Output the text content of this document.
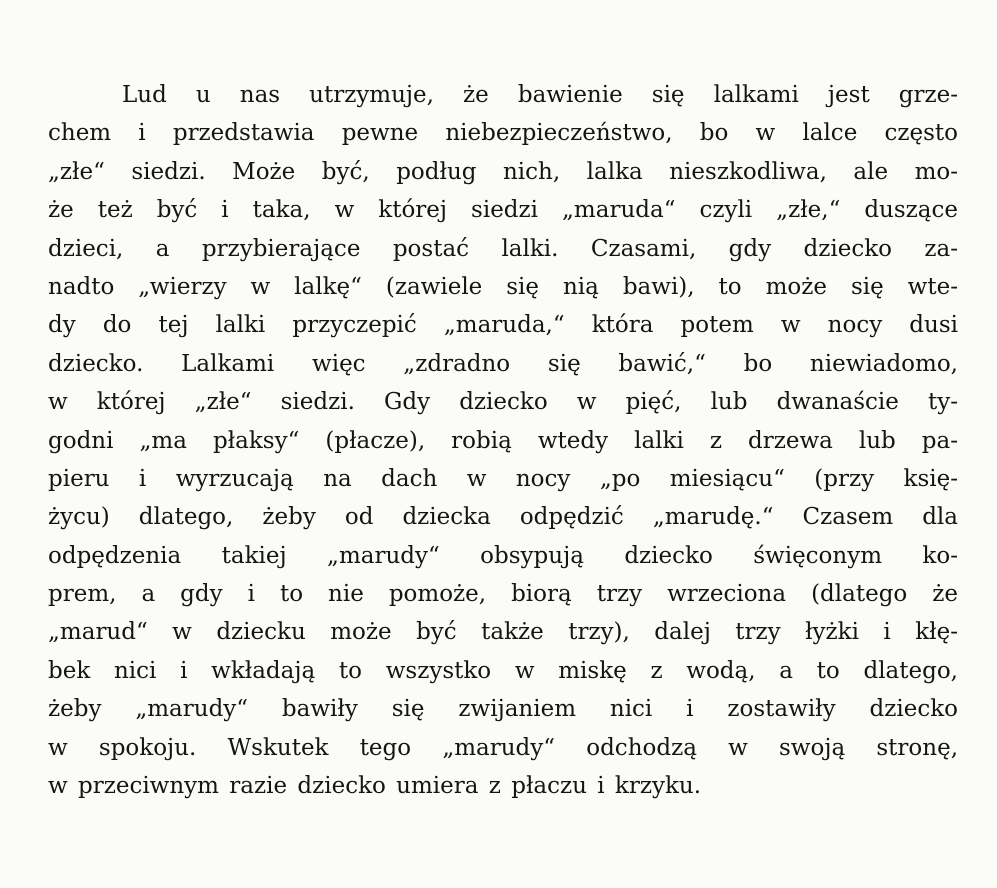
Lud u nas utrzymuje, że bawienie się lalkami jest grze-
chem i przedstawia pewne niebezpieczeństwo, bo w lalce często
„złe“ siedzi. Może być, podług nich, lalka nieszkodliwa, ale mo-
że też być i taka, w której siedzi „maruda“ czyli „złe,“ duszące
dzieci, a przybierające postać lalki. Czasami, gdy dziecko za-
nadto „wierzy w lalkę“ (zawiele się nią bawi), to może się wte-
dy do tej lalki przyczepić „maruda,“ która potem w nocy dusi
dziecko. Lalkami więc „zdradno się bawić,“ bo niewiadomo,
w której „złe“ siedzi. Gdy dziecko w pięć, lub dwanaście ty-
godni „ma płaksy“ (płacze), robią wtedy lalki z drzewa lub pa-
pieru i wyrzucają na dach w nocy „po miesiącu“ (przy księ-
życu) dlatego, żeby od dziecka odpędzić „marudę.“ Czasem dla
odpędzenia takiej „marudy“ obsypują dziecko święconym ko-
prem, a gdy i to nie pomoże, biorą trzy wrzeciona (dlatego że
„marud“ w dziecku może być także trzy), dalej trzy łyżki i kłę-
bek nici i wkładają to wszystko w miskę z wodą, a to dlatego,
żeby „marudy“ bawiły się zwijaniem nici i zostawiły dziecko
w spokoju. Wskutek tego „marudy“ odchodzą w swoją stronę,
w przeciwnym razie dziecko umiera z płaczu i krzyku.
